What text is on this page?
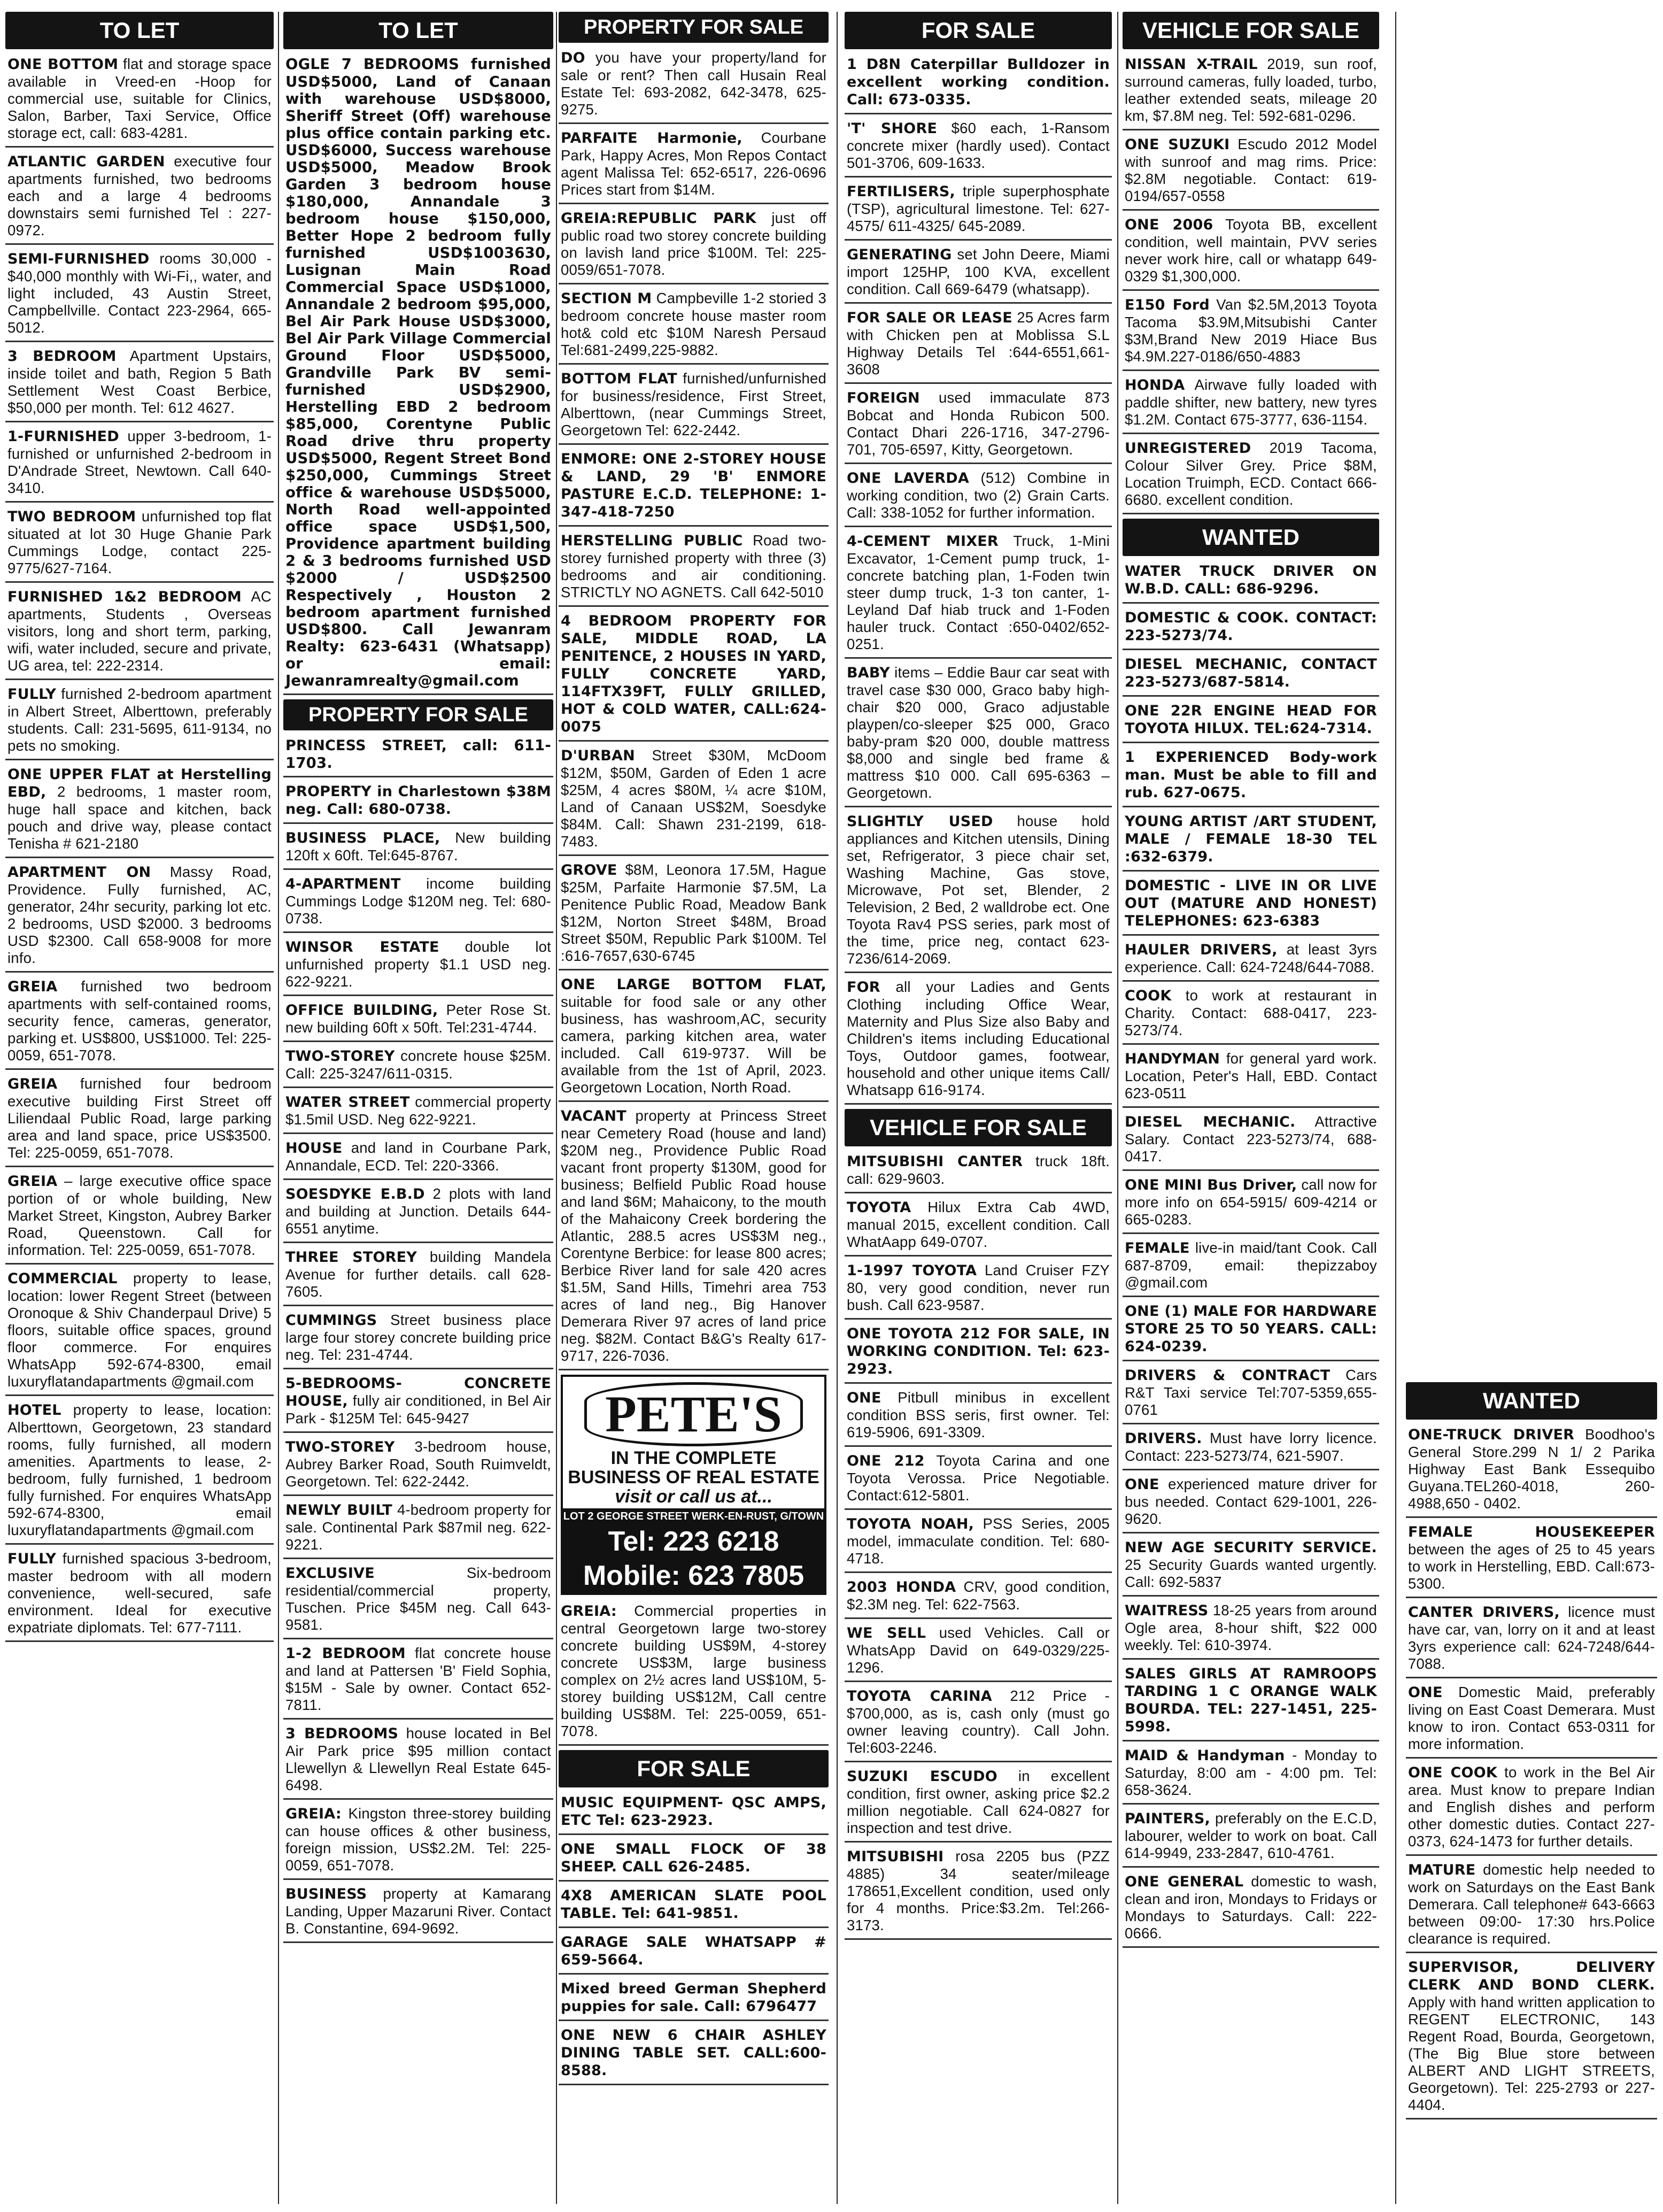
TO LET
ONE BOTTOM flat and storage space available in Vreed-en -Hoop for commercial use, suitable for Clinics, Salon, Barber, Taxi Service, Office storage ect, call: 683-4281.
ATLANTIC GARDEN executive four apartments furnished, two bedrooms each and a large 4 bedrooms downstairs semi furnished Tel : 227-0972.
SEMI-FURNISHED rooms 30,000 - $40,000 monthly with Wi-Fi,, water, and light included, 43 Austin Street, Campbellville. Contact 223-2964, 665-5012.
3 BEDROOM Apartment Upstairs, inside toilet and bath, Region 5 Bath Settlement West Coast Berbice, $50,000 per month. Tel: 612 4627.
1-FURNISHED upper 3-bedroom, 1-furnished or unfurnished 2-bedroom in D'Andrade Street, Newtown. Call 640-3410.
TWO BEDROOM unfurnished top flat situated at lot 30 Huge Ghanie Park Cummings Lodge, contact 225-9775/627-7164.
FURNISHED 1&2 BEDROOM AC apartments, Students , Overseas visitors, long and short term, parking, wifi, water included, secure and private, UG area, tel: 222-2314.
FULLY furnished 2-bedroom apartment in Albert Street, Alberttown, preferably students. Call: 231-5695, 611-9134, no pets no smoking.
ONE UPPER FLAT at Herstelling EBD, 2 bedrooms, 1 master room, huge hall space and kitchen, back pouch and drive way, please contact Tenisha # 621-2180
APARTMENT ON Massy Road, Providence. Fully furnished, AC, generator, 24hr security, parking lot etc. 2 bedrooms, USD $2000. 3 bedrooms USD $2300. Call 658-9008 for more info.
GREIA furnished two bedroom apartments with self-contained rooms, security fence, cameras, generator, parking et. US$800, US$1000. Tel: 225-0059, 651-7078.
GREIA furnished four bedroom executive building First Street off Liliendaal Public Road, large parking area and land space, price US$3500. Tel: 225-0059, 651-7078.
GREIA – large executive office space portion of or whole building, New Market Street, Kingston, Aubrey Barker Road, Queenstown. Call for information. Tel: 225-0059, 651-7078.
COMMERCIAL property to lease, location: lower Regent Street (between Oronoque & Shiv Chanderpaul Drive) 5 floors, suitable office spaces, ground floor commerce. For enquires WhatsApp 592-674-8300, email luxuryflatandapartments @gmail.com
HOTEL property to lease, location: Alberttown, Georgetown, 23 standard rooms, fully furnished, all modern amenities. Apartments to lease, 2-bedroom, fully furnished, 1 bedroom fully furnished. For enquires WhatsApp 592-674-8300, email luxuryflatandapartments @gmail.com
FULLY furnished spacious 3-bedroom, master bedroom with all modern convenience, well-secured, safe environment. Ideal for executive expatriate diplomats. Tel: 677-7111.
TO LET
OGLE 7 BEDROOMS furnished USD$5000, Land of Canaan with warehouse USD$8000, Sheriff Street (Off) warehouse plus office contain parking etc. USD$6000, Success warehouse USD$5000, Meadow Brook Garden 3 bedroom house $180,000, Annandale 3 bedroom house $150,000, Better Hope 2 bedroom fully furnished USD$1003630, Lusignan Main Road Commercial Space USD$1000, Annandale 2 bedroom $95,000, Bel Air Park House USD$3000, Bel Air Park Village Commercial Ground Floor USD$5000, Grandville Park BV semi- furnished USD$2900, Herstelling EBD 2 bedroom $85,000, Corentyne Public Road drive thru property USD$5000, Regent Street Bond $250,000, Cummings Street office & warehouse USD$5000, North Road well-appointed office space USD$1,500, Providence apartment building 2 & 3 bedrooms furnished USD $2000 / USD$2500 Respectively , Houston 2 bedroom apartment furnished USD$800. Call Jewanram Realty: 623-6431 (Whatsapp) or email: Jewanramrealty@gmail.com
PROPERTY FOR SALE
PRINCESS STREET, call: 611-1703.
PROPERTY in Charlestown $38M neg. Call: 680-0738.
BUSINESS PLACE, New building 120ft x 60ft. Tel:645-8767.
4-APARTMENT income building Cummings Lodge $120M neg. Tel: 680-0738.
WINSOR ESTATE double lot unfurnished property $1.1 USD neg. 622-9221.
OFFICE BUILDING, Peter Rose St. new building 60ft x 50ft. Tel:231-4744.
TWO-STOREY concrete house $25M. Call: 225-3247/611-0315.
WATER STREET commercial property $1.5mil USD. Neg 622-9221.
HOUSE and land in Courbane Park, Annandale, ECD. Tel: 220-3366.
SOESDYKE E.B.D 2 plots with land and building at Junction. Details 644-6551 anytime.
THREE STOREY building Mandela Avenue for further details. call 628-7605.
CUMMINGS Street business place large four storey concrete building price neg. Tel: 231-4744.
5-BEDROOMS- CONCRETE HOUSE, fully air conditioned, in Bel Air Park - $125M Tel: 645-9427
TWO-STOREY 3-bedroom house, Aubrey Barker Road, South Ruimveldt, Georgetown. Tel: 622-2442.
NEWLY BUILT 4-bedroom property for sale. Continental Park $87mil neg. 622-9221.
EXCLUSIVE Six-bedroom residential/commercial property, Tuschen. Price $45M neg. Call 643-9581.
1-2 BEDROOM flat concrete house and land at Pattersen 'B' Field Sophia, $15M - Sale by owner. Contact 652-7811.
3 BEDROOMS house located in Bel Air Park price $95 million contact Llewellyn & Llewellyn Real Estate 645-6498.
GREIA: Kingston three-storey building can house offices & other business, foreign mission, US$2.2M. Tel: 225-0059, 651-7078.
BUSINESS property at Kamarang Landing, Upper Mazaruni River. Contact B. Constantine, 694-9692.
PROPERTY FOR SALE
DO you have your property/land for sale or rent? Then call Husain Real Estate Tel: 693-2082, 642-3478, 625-9275.
PARFAITE Harmonie, Courbane Park, Happy Acres, Mon Repos Contact agent Malissa Tel: 652-6517, 226-0696 Prices start from $14M.
GREIA:REPUBLIC PARK just off public road two storey concrete building on lavish land price $100M. Tel: 225-0059/651-7078.
SECTION M Campbeville 1-2 storied 3 bedroom concrete house master room hot& cold etc $10M Naresh Persaud Tel:681-2499,225-9882.
BOTTOM FLAT furnished/unfurnished for business/residence, First Street, Alberttown, (near Cummings Street, Georgetown Tel: 622-2442.
ENMORE: ONE 2-STOREY HOUSE & LAND, 29 'B' ENMORE PASTURE E.C.D. TELEPHONE: 1-347-418-7250
HERSTELLING PUBLIC Road two-storey furnished property with three (3) bedrooms and air conditioning. STRICTLY NO AGNETS. Call 642-5010
4 BEDROOM PROPERTY FOR SALE, MIDDLE ROAD, LA PENITENCE, 2 HOUSES IN YARD, FULLY CONCRETE YARD, 114FTX39FT, FULLY GRILLED, HOT & COLD WATER, CALL:624-0075
D'URBAN Street $30M, McDoom $12M, $50M, Garden of Eden 1 acre $25M, 4 acres $80M, ¼ acre $10M, Land of Canaan US$2M, Soesdyke $84M. Call: Shawn 231-2199, 618-7483.
GROVE $8M, Leonora 17.5M, Hague $25M, Parfaite Harmonie $7.5M, La Penitence Public Road, Meadow Bank $12M, Norton Street $48M, Broad Street $50M, Republic Park $100M. Tel :616-7657,630-6745
ONE LARGE BOTTOM FLAT, suitable for food sale or any other business, has washroom,AC, security camera, parking kitchen area, water included. Call 619-9737. Will be available from the 1st of April, 2023. Georgetown Location, North Road.
VACANT property at Princess Street near Cemetery Road (house and land) $20M neg., Providence Public Road vacant front property $130M, good for business; Belfield Public Road house and land $6M; Mahaicony, to the mouth of the Mahaicony Creek bordering the Atlantic, 288.5 acres US$3M neg., Corentyne Berbice: for lease 800 acres; Berbice River land for sale 420 acres $1.5M, Sand Hills, Timehri area 753 acres of land neg., Big Hanover Demerara River 97 acres of land price neg. $82M. Contact B&G's Realty 617-9717, 226-7036.
PETE'S
IN THE COMPLETE
BUSINESS OF REAL ESTATE
visit or call us at...
LOT 2 GEORGE STREET WERK-EN-RUST, G/TOWN
Tel: 223 6218
Mobile: 623 7805
GREIA: Commercial properties in central Georgetown large two-storey concrete building US$9M, 4-storey concrete US$3M, large business complex on 2½ acres land US$10M, 5-storey building US$12M, Call centre building US$8M. Tel: 225-0059, 651-7078.
FOR SALE
MUSIC EQUIPMENT- QSC AMPS, ETC Tel: 623-2923.
ONE SMALL FLOCK OF 38 SHEEP. CALL 626-2485.
4X8 AMERICAN SLATE POOL TABLE. Tel: 641-9851.
GARAGE SALE WHATSAPP # 659-5664.
Mixed breed German Shepherd puppies for sale. Call: 6796477
ONE NEW 6 CHAIR ASHLEY DINING TABLE SET. CALL:600-8588.
FOR SALE
1 D8N Caterpillar Bulldozer in excellent working condition. Call: 673-0335.
'T' SHORE $60 each, 1-Ransom concrete mixer (hardly used). Contact 501-3706, 609-1633.
FERTILISERS, triple superphosphate (TSP), agricultural limestone. Tel: 627-4575/ 611-4325/ 645-2089.
GENERATING set John Deere, Miami import 125HP, 100 KVA, excellent condition. Call 669-6479 (whatsapp).
FOR SALE OR LEASE 25 Acres farm with Chicken pen at Moblissa S.L Highway Details Tel :644-6551,661-3608
FOREIGN used immaculate 873 Bobcat and Honda Rubicon 500. Contact Dhari 226-1716, 347-2796-701, 705-6597, Kitty, Georgetown.
ONE LAVERDA (512) Combine in working condition, two (2) Grain Carts. Call: 338-1052 for further information.
4-CEMENT MIXER Truck, 1-Mini Excavator, 1-Cement pump truck, 1-concrete batching plan, 1-Foden twin steer dump truck, 1-3 ton canter, 1-Leyland Daf hiab truck and 1-Foden hauler truck. Contact :650-0402/652-0251.
BABY items – Eddie Baur car seat with travel case $30 000, Graco baby high-chair $20 000, Graco adjustable playpen/co-sleeper $25 000, Graco baby-pram $20 000, double mattress $8,000 and single bed frame & mattress $10 000. Call 695-6363 – Georgetown.
SLIGHTLY USED house hold appliances and Kitchen utensils, Dining set, Refrigerator, 3 piece chair set, Washing Machine, Gas stove, Microwave, Pot set, Blender, 2 Television, 2 Bed, 2 walldrobe ect. One Toyota Rav4 PSS series, park most of the time, price neg, contact 623-7236/614-2069.
FOR all your Ladies and Gents Clothing including Office Wear, Maternity and Plus Size also Baby and Children's items including Educational Toys, Outdoor games, footwear, household and other unique items Call/ Whatsapp 616-9174.
VEHICLE FOR SALE
MITSUBISHI CANTER truck 18ft. call: 629-9603.
TOYOTA Hilux Extra Cab 4WD, manual 2015, excellent condition. Call WhatAapp 649-0707.
1-1997 TOYOTA Land Cruiser FZY 80, very good condition, never run bush. Call 623-9587.
ONE TOYOTA 212 FOR SALE, IN WORKING CONDITION. Tel: 623-2923.
ONE Pitbull minibus in excellent condition BSS seris, first owner. Tel: 619-5906, 691-3309.
ONE 212 Toyota Carina and one Toyota Verossa. Price Negotiable. Contact:612-5801.
TOYOTA NOAH, PSS Series, 2005 model, immaculate condition. Tel: 680-4718.
2003 HONDA CRV, good condition, $2.3M neg. Tel: 622-7563.
WE SELL used Vehicles. Call or WhatsApp David on 649-0329/225-1296.
TOYOTA CARINA 212 Price - $700,000, as is, cash only (must go owner leaving country). Call John. Tel:603-2246.
SUZUKI ESCUDO in excellent condition, first owner, asking price $2.2 million negotiable. Call 624-0827 for inspection and test drive.
MITSUBISHI rosa 2205 bus (PZZ 4885) 34 seater/mileage 178651,Excellent condition, used only for 4 months. Price:$3.2m. Tel:266-3173.
VEHICLE FOR SALE
NISSAN X-TRAIL 2019, sun roof, surround cameras, fully loaded, turbo, leather extended seats, mileage 20 km, $7.8M neg. Tel: 592-681-0296.
ONE SUZUKI Escudo 2012 Model with sunroof and mag rims. Price: $2.8M negotiable. Contact: 619-0194/657-0558
ONE 2006 Toyota BB, excellent condition, well maintain, PVV series never work hire, call or whatapp 649-0329 $1,300,000.
E150 Ford Van $2.5M,2013 Toyota Tacoma $3.9M,Mitsubishi Canter $3M,Brand New 2019 Hiace Bus $4.9M.227-0186/650-4883
HONDA Airwave fully loaded with paddle shifter, new battery, new tyres $1.2M. Contact 675-3777, 636-1154.
UNREGISTERED 2019 Tacoma, Colour Silver Grey. Price $8M, Location Truimph, ECD. Contact 666-6680. excellent condition.
WANTED
WATER TRUCK DRIVER ON W.B.D. CALL: 686-9296.
DOMESTIC & COOK. CONTACT: 223-5273/74.
DIESEL MECHANIC, CONTACT 223-5273/687-5814.
ONE 22R ENGINE HEAD FOR TOYOTA HILUX. TEL:624-7314.
1 EXPERIENCED Body-work man. Must be able to fill and rub. 627-0675.
YOUNG ARTIST /ART STUDENT, MALE / FEMALE 18-30 TEL :632-6379.
DOMESTIC - LIVE IN OR LIVE OUT (MATURE AND HONEST) TELEPHONES: 623-6383
HAULER DRIVERS, at least 3yrs experience. Call: 624-7248/644-7088.
COOK to work at restaurant in Charity. Contact: 688-0417, 223-5273/74.
HANDYMAN for general yard work. Location, Peter's Hall, EBD. Contact 623-0511
DIESEL MECHANIC. Attractive Salary. Contact 223-5273/74, 688-0417.
ONE MINI Bus Driver, call now for more info on 654-5915/ 609-4214 or 665-0283.
FEMALE live-in maid/tant Cook. Call 687-8709, email: thepizzaboy @gmail.com
ONE (1) MALE FOR HARDWARE STORE 25 TO 50 YEARS. CALL: 624-0239.
DRIVERS & CONTRACT Cars R&T Taxi service Tel:707-5359,655-0761
DRIVERS. Must have lorry licence. Contact: 223-5273/74, 621-5907.
ONE experienced mature driver for bus needed. Contact 629-1001, 226-9620.
NEW AGE SECURITY SERVICE. 25 Security Guards wanted urgently. Call: 692-5837
WAITRESS 18-25 years from around Ogle area, 8-hour shift, $22 000 weekly. Tel: 610-3974.
SALES GIRLS AT RAMROOPS TARDING 1 C ORANGE WALK BOURDA. TEL: 227-1451, 225-5998.
MAID & Handyman - Monday to Saturday, 8:00 am - 4:00 pm. Tel: 658-3624.
PAINTERS, preferably on the E.C.D, labourer, welder to work on boat. Call 614-9949, 233-2847, 610-4761.
ONE GENERAL domestic to wash, clean and iron, Mondays to Fridays or Mondays to Saturdays. Call: 222-0666.
WANTED
ONE-TRUCK DRIVER Boodhoo's General Store.299 N 1/ 2 Parika Highway East Bank Essequibo Guyana.TEL260-4018, 260-4988,650 - 0402.
FEMALE HOUSEKEEPER between the ages of 25 to 45 years to work in Herstelling, EBD. Call:673-5300.
CANTER DRIVERS, licence must have car, van, lorry on it and at least 3yrs experience call: 624-7248/644-7088.
ONE Domestic Maid, preferably living on East Coast Demerara. Must know to iron. Contact 653-0311 for more information.
ONE COOK to work in the Bel Air area. Must know to prepare Indian and English dishes and perform other domestic duties. Contact 227-0373, 624-1473 for further details.
MATURE domestic help needed to work on Saturdays on the East Bank Demerara. Call telephone# 643-6663 between 09:00- 17:30 hrs.Police clearance is required.
SUPERVISOR, DELIVERY CLERK AND BOND CLERK. Apply with hand written application to REGENT ELECTRONIC, 143 Regent Road, Bourda, Georgetown, (The Big Blue store between ALBERT AND LIGHT STREETS, Georgetown). Tel: 225-2793 or 227-4404.
